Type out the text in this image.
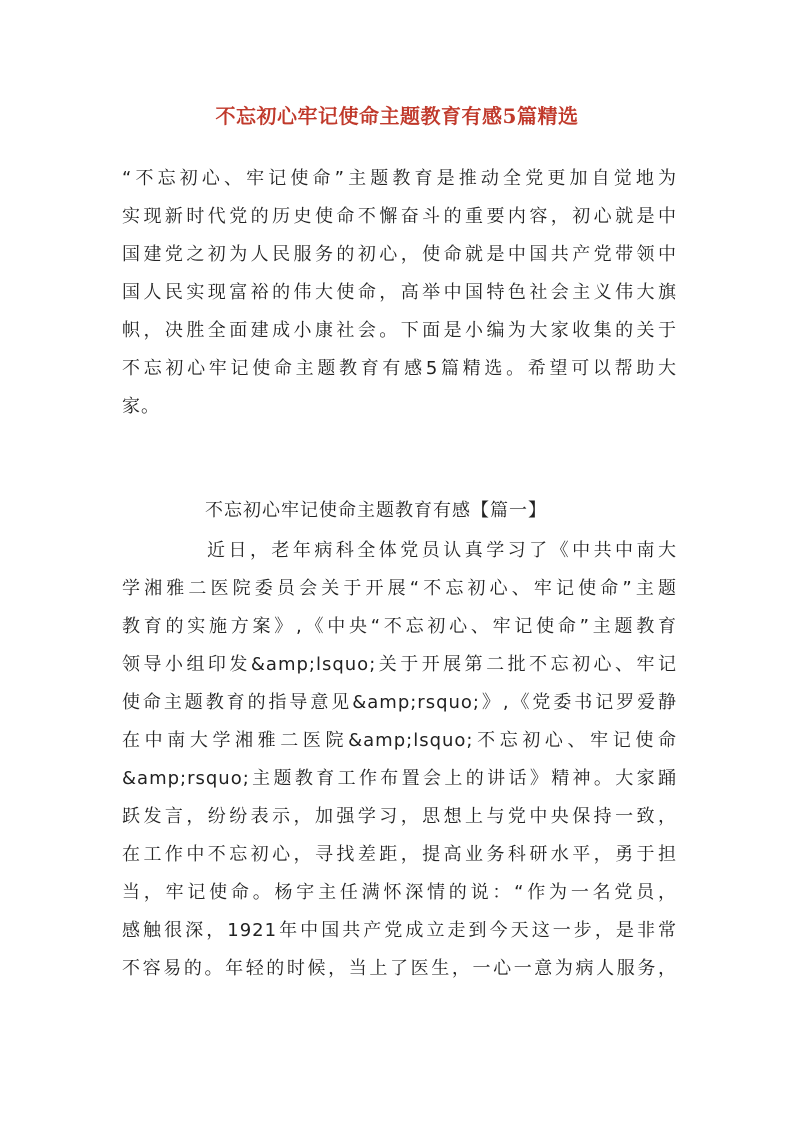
不忘初心牢记使命主题教育有感5篇精选
“不忘初心、牢记使命”主题教育是推动全党更加自觉地为
实现新时代党的历史使命不懈奋斗的重要内容，初心就是中
国建党之初为人民服务的初心，使命就是中国共产党带领中
国人民实现富裕的伟大使命，高举中国特色社会主义伟大旗
帜，决胜全面建成小康社会。下面是小编为大家收集的关于
不忘初心牢记使命主题教育有感5篇精选。希望可以帮助大
家。
不忘初心牢记使命主题教育有感【篇一】
近日，老年病科全体党员认真学习了《中共中南大
学湘雅二医院委员会关于开展“不忘初心、牢记使命”主题
教育的实施方案》,《中央“不忘初心、牢记使命”主题教育
领导小组印发&amp;lsquo;关于开展第二批不忘初心、牢记
使命主题教育的指导意见&amp;rsquo;》,《党委书记罗爱静
在中南大学湘雅二医院&amp;lsquo;不忘初心、牢记使命
&amp;rsquo;主题教育工作布置会上的讲话》精神。大家踊
跃发言，纷纷表示，加强学习，思想上与党中央保持一致，
在工作中不忘初心，寻找差距，提高业务科研水平，勇于担
当，牢记使命。杨宇主任满怀深情的说：“作为一名党员，
感触很深，1921年中国共产党成立走到今天这一步，是非常
不容易的。年轻的时候，当上了医生，一心一意为病人服务，
